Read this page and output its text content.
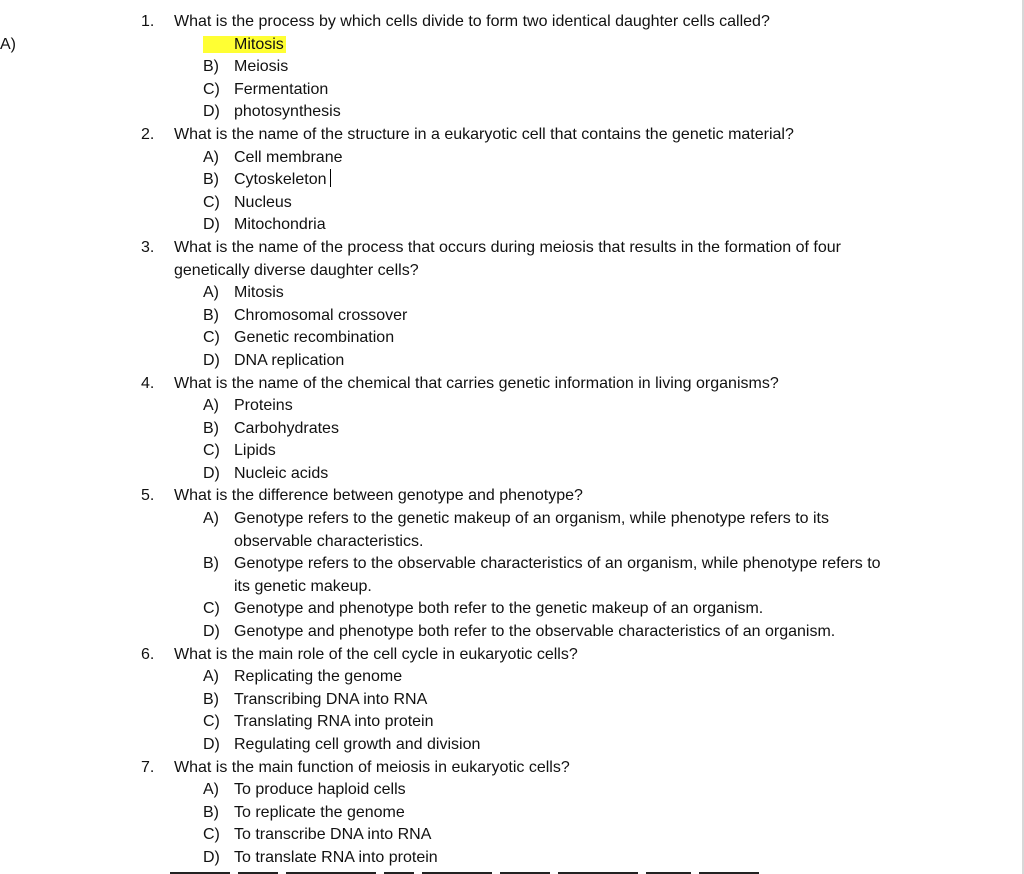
1. What is the process by which cells divide to form two identical daughter cells called?
A)	Mitosis
B) Meiosis
C) Fermentation
D) photosynthesis
2. What is the name of the structure in a eukaryotic cell that contains the genetic material?
A) Cell membrane
B) Cytoskeleton
C) Nucleus
D) Mitochondria
3. What is the name of the process that occurs during meiosis that results in the formation of four genetically diverse daughter cells?
A) Mitosis
B) Chromosomal crossover
C) Genetic recombination
D) DNA replication
4. What is the name of the chemical that carries genetic information in living organisms?
A) Proteins
B) Carbohydrates
C) Lipids
D) Nucleic acids
5. What is the difference between genotype and phenotype?
A) Genotype refers to the genetic makeup of an organism, while phenotype refers to its observable characteristics.
B) Genotype refers to the observable characteristics of an organism, while phenotype refers to its genetic makeup.
C) Genotype and phenotype both refer to the genetic makeup of an organism.
D) Genotype and phenotype both refer to the observable characteristics of an organism.
6. What is the main role of the cell cycle in eukaryotic cells?
A) Replicating the genome
B) Transcribing DNA into RNA
C) Translating RNA into protein
D) Regulating cell growth and division
7. What is the main function of meiosis in eukaryotic cells?
A) To produce haploid cells
B) To replicate the genome
C) To transcribe DNA into RNA
D) To translate RNA into protein
